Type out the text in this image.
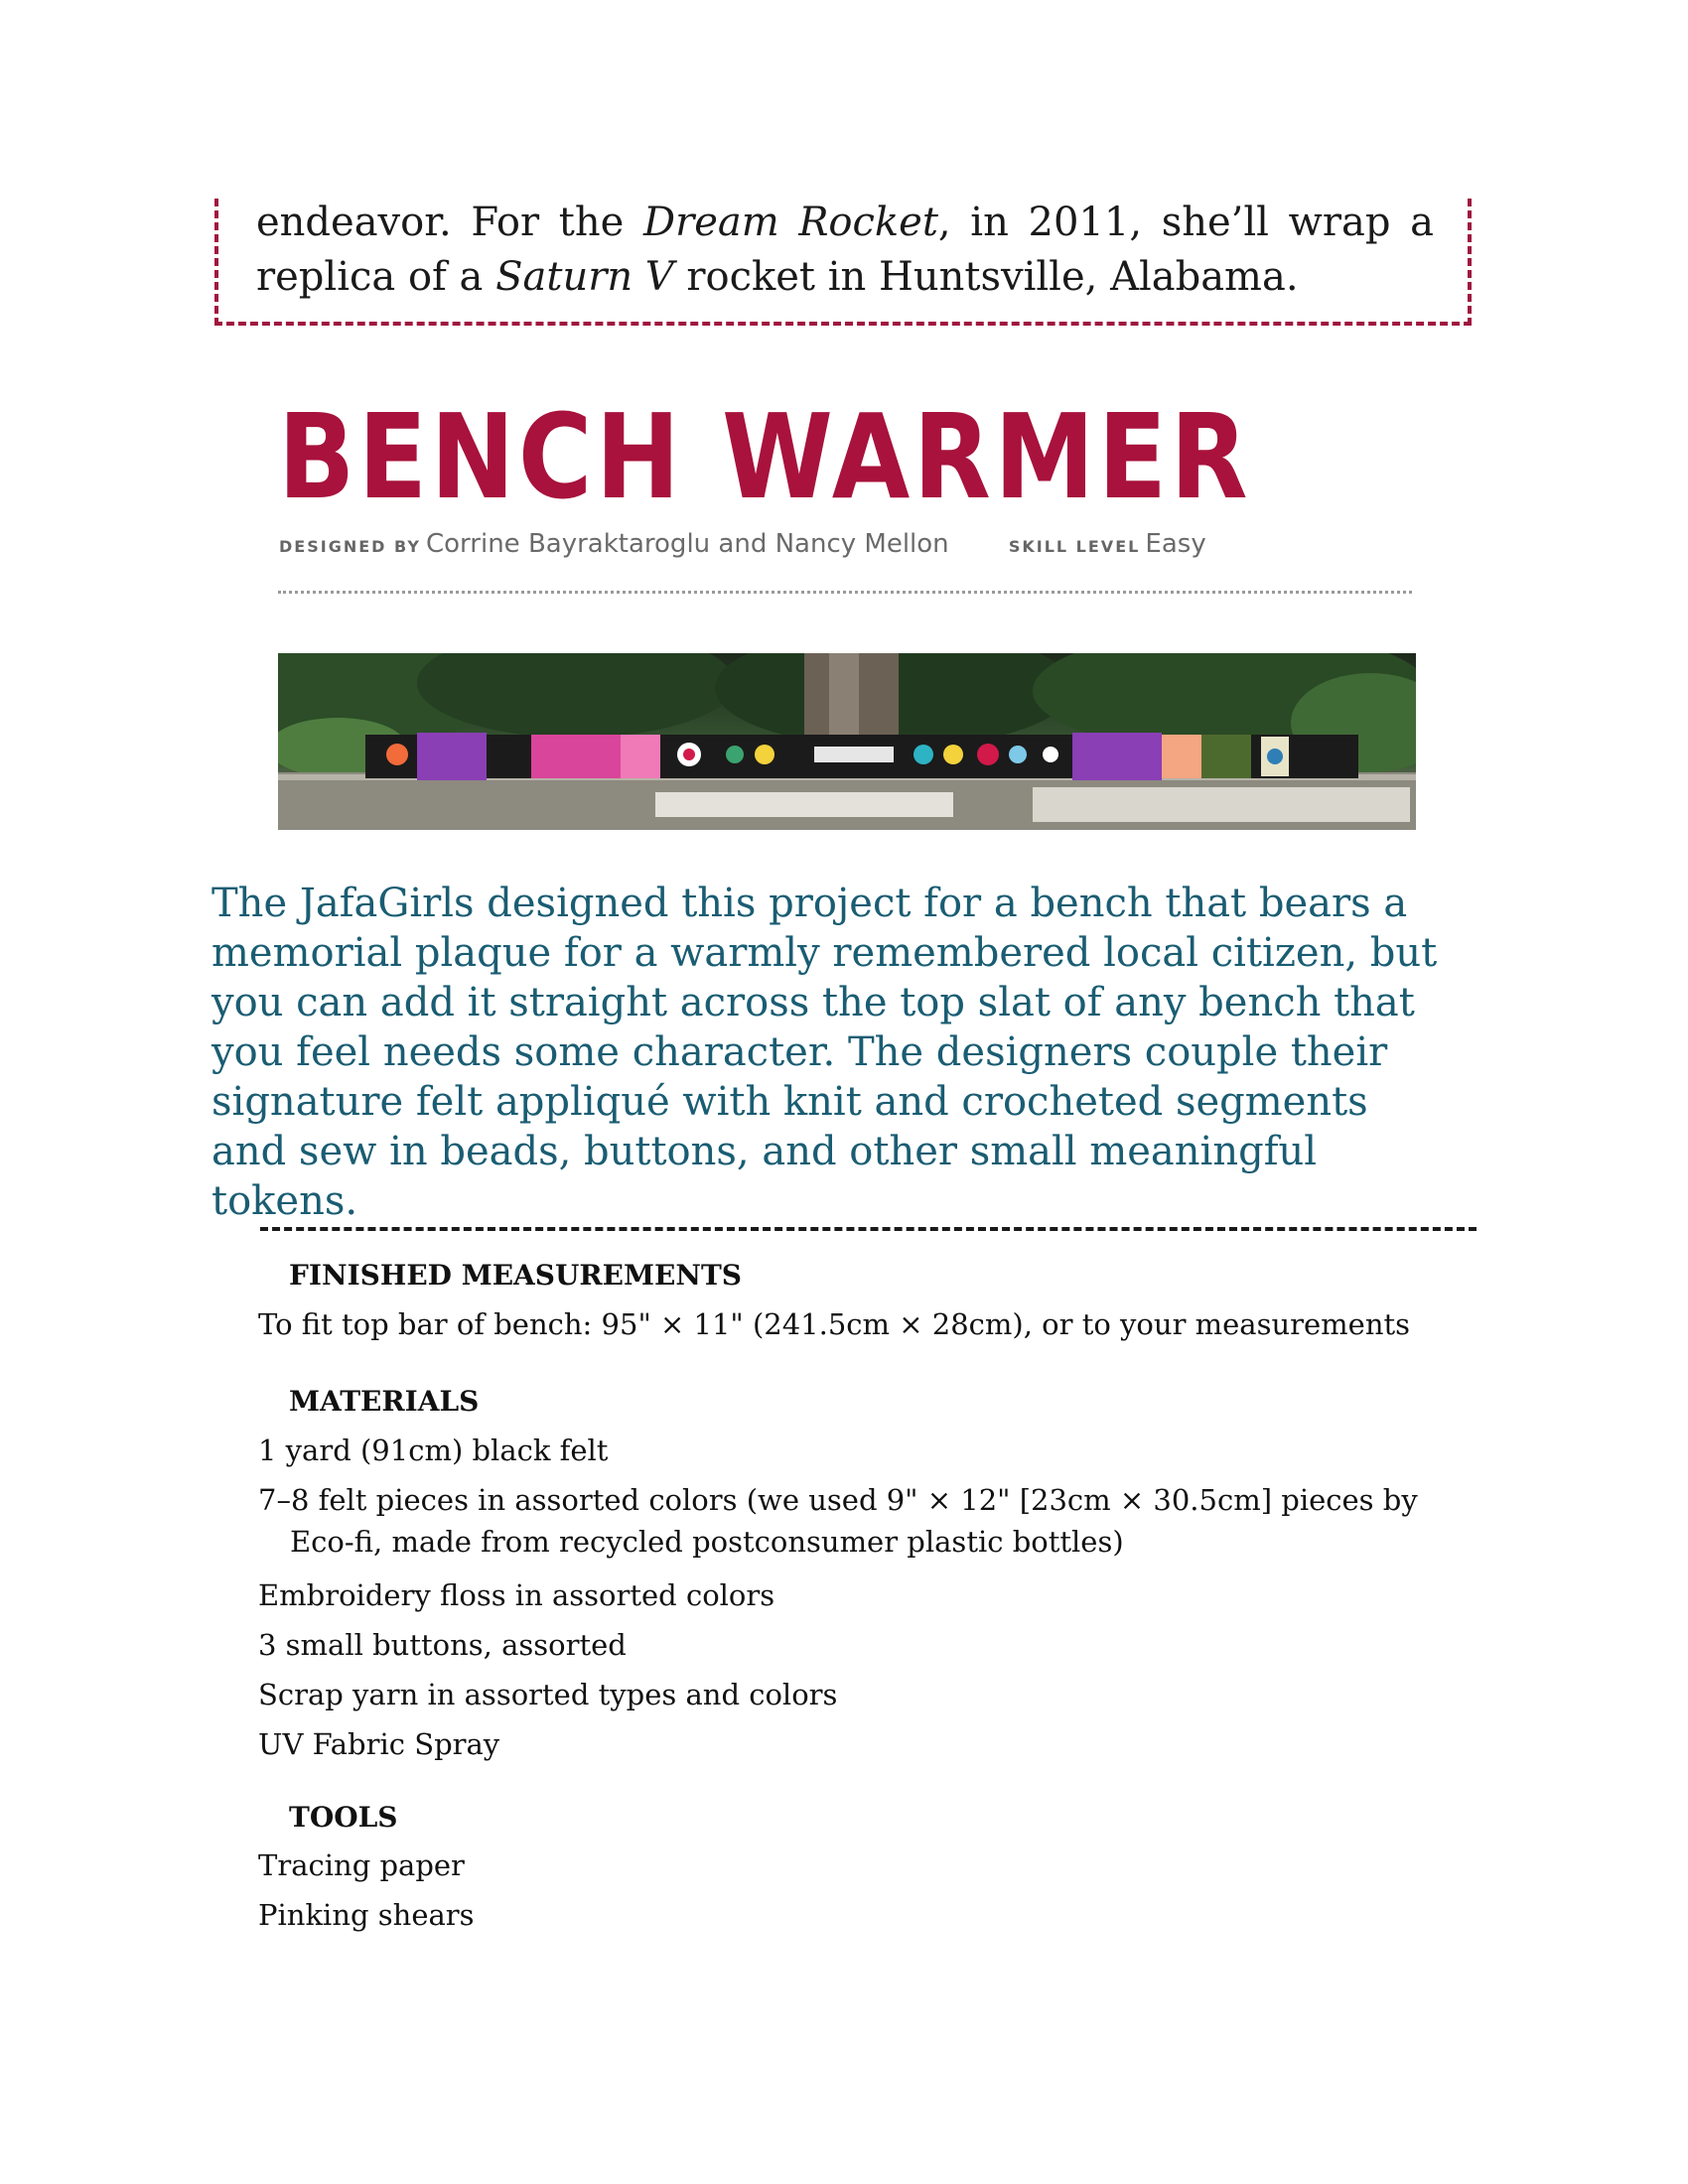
endeavor. For the Dream Rocket, in 2011, she’ll wrap a replica of a Saturn V rocket in Huntsville, Alabama.
BENCH WARMER
DESIGNED BY Corrine Bayraktaroglu and Nancy Mellon	SKILL LEVEL Easy
The JafaGirls designed this project for a bench that bears a memorial plaque for a warmly remembered local citizen, but you can add it straight across the top slat of any bench that you feel needs some character. The designers couple their signature felt appliqué with knit and crocheted segments and sew in beads, buttons, and other small meaningful tokens.
FINISHED MEASUREMENTS
To fit top bar of bench: 95" × 11" (241.5cm × 28cm), or to your measurements
MATERIALS
1 yard (91cm) black felt
7–8 felt pieces in assorted colors (we used 9" × 12" [23cm × 30.5cm] pieces by Eco-fi, made from recycled postconsumer plastic bottles)
Embroidery floss in assorted colors
3 small buttons, assorted
Scrap yarn in assorted types and colors
UV Fabric Spray
TOOLS
Tracing paper
Pinking shears
